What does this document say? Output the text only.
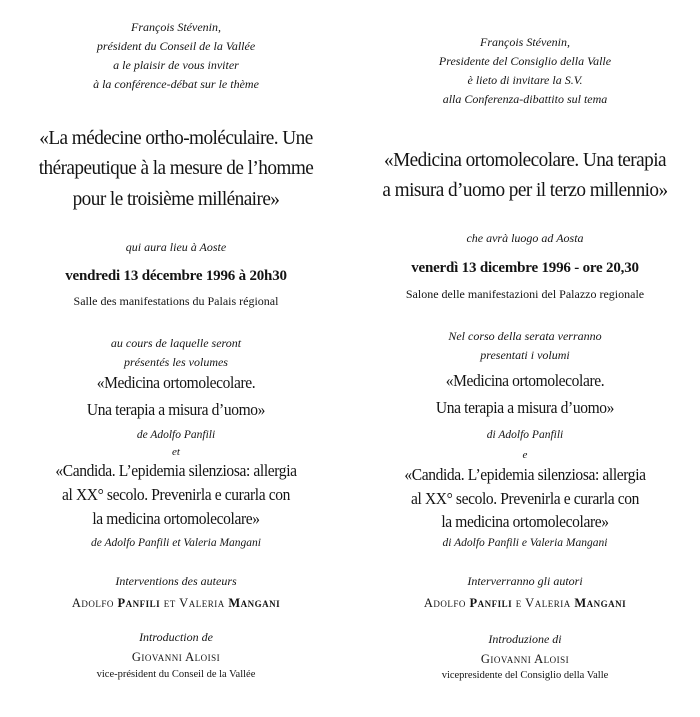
François Stévenin,

président du Conseil de la Vallée

a le plaisir de vous inviter

à la conférence-débat sur le thème

«La médecine ortho-moléculaire. Une

thérapeutique à la mesure de l’homme

pour le troisième millénaire»

qui aura lieu à Aoste

vendredi 13 décembre 1996 à 20h30

Salle des manifestations du Palais régional

au cours de laquelle seront

présentés les volumes

«Medicina ortomolecolare.

Una terapia a misura d’uomo»

de Adolfo Panfili

et

«Candida. L’epidemia silenziosa: allergia

al XX° secolo. Prevenirla e curarla con

la medicina ortomolecolare»

de Adolfo Panfili et Valeria Mangani

Interventions des auteurs

Adolfo Panfili et Valeria Mangani

Introduction de

Giovanni Aloisi

vice-président du Conseil de la Vallée

François Stévenin,

Presidente del Consiglio della Valle

è lieto di invitare la S.V.

alla Conferenza-dibattito sul tema

«Medicina ortomolecolare. Una terapia

a misura d’uomo per il terzo millennio»

che avrà luogo ad Aosta

venerdì 13 dicembre 1996 - ore 20,30

Salone delle manifestazioni del Palazzo regionale

Nel corso della serata verranno

presentati i volumi

«Medicina ortomolecolare.

Una terapia a misura d’uomo»

di Adolfo Panfili

e

«Candida. L’epidemia silenziosa: allergia

al XX° secolo. Prevenirla e curarla con

la medicina ortomolecolare»

di Adolfo Panfili e Valeria Mangani

Interverranno gli autori

Adolfo Panfili e Valeria Mangani

Introduzione di

Giovanni Aloisi

vicepresidente del Consiglio della Valle
